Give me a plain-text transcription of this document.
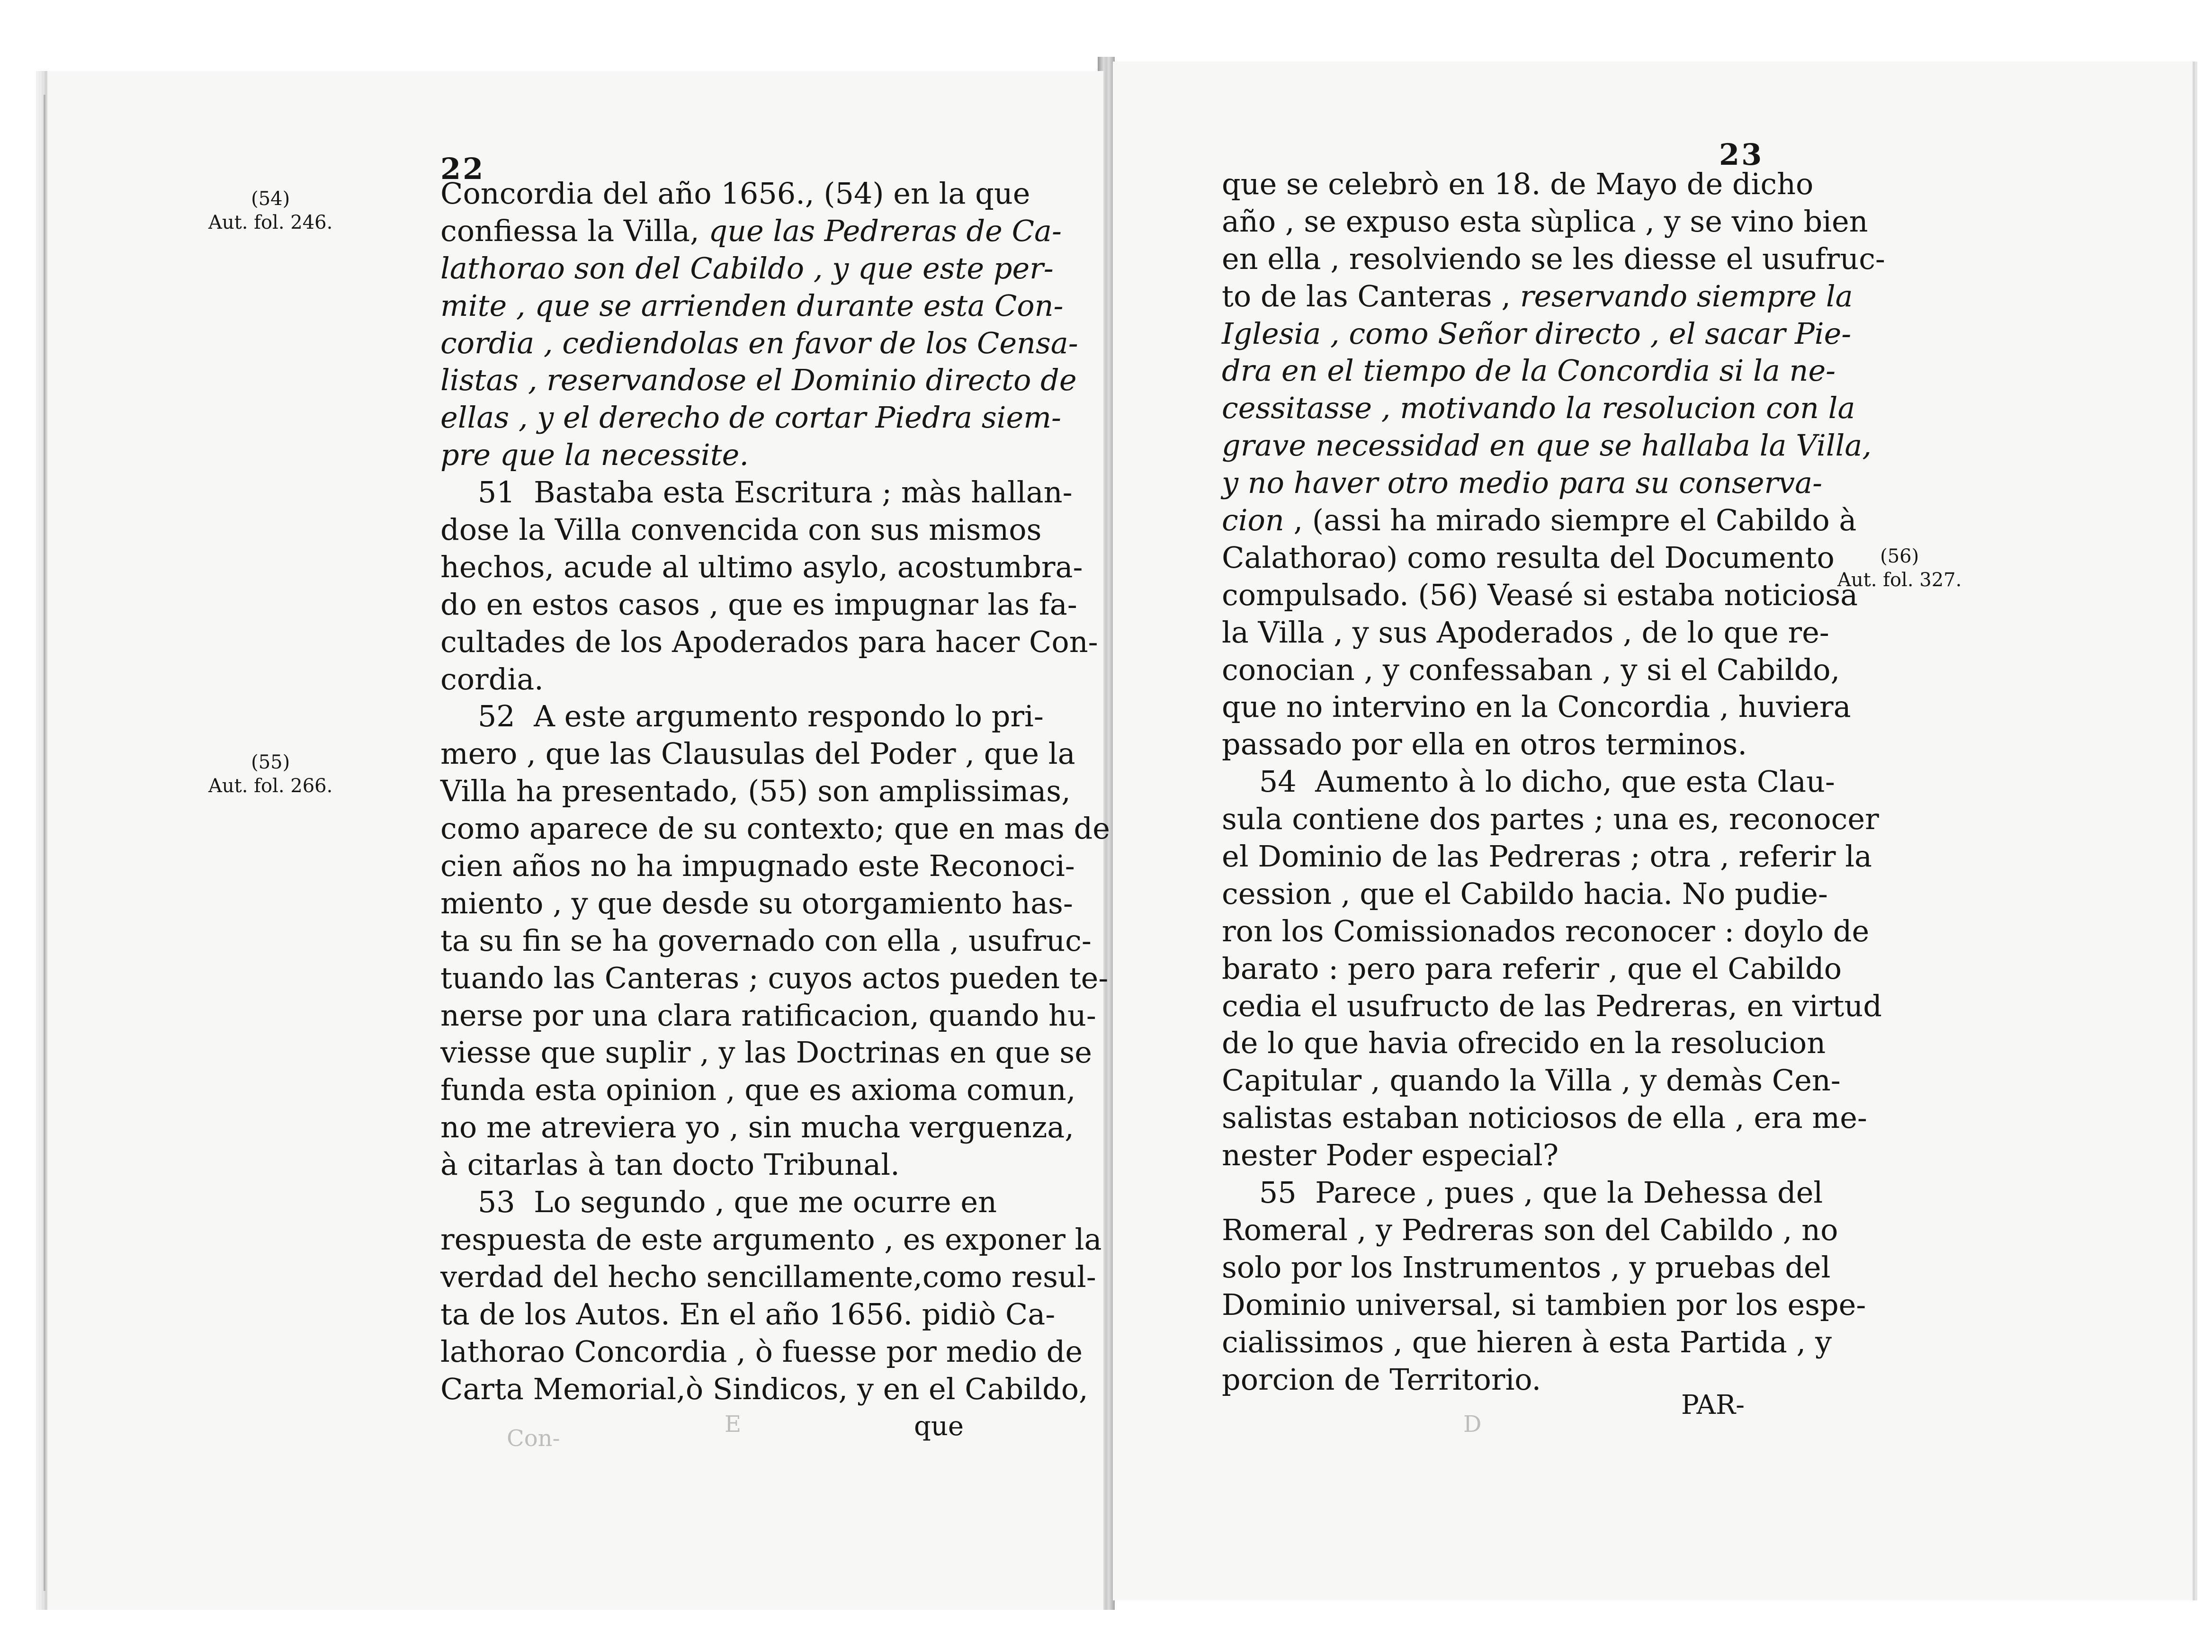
22
(54)
Aut. fol. 246.
(55)
Aut. fol. 266.
Concordia del año 1656., (54) en la que
confiessa la Villa, que las Pedreras de Ca-
lathorao son del Cabildo , y que este per-
mite , que se arrienden durante esta Con-
cordia , cediendolas en favor de los Censa-
listas , reservandose el Dominio directo de
ellas , y el derecho de cortar Piedra siem-
pre que la necessite.
51  Bastaba esta Escritura ; màs hallan-
dose la Villa convencida con sus mismos
hechos, acude al ultimo asylo, acostumbra-
do en estos casos , que es impugnar las fa-
cultades de los Apoderados para hacer Con-
cordia.
52  A este argumento respondo lo pri-
mero , que las Clausulas del Poder , que la
Villa ha presentado, (55) son amplissimas,
como aparece de su contexto; que en mas de
cien años no ha impugnado este Reconoci-
miento , y que desde su otorgamiento has-
ta su fin se ha governado con ella , usufruc-
tuando las Canteras ; cuyos actos pueden te-
nerse por una clara ratificacion, quando hu-
viesse que suplir , y las Doctrinas en que se
funda esta opinion , que es axioma comun,
no me atreviera yo , sin mucha verguenza,
à citarlas à tan docto Tribunal.
53  Lo segundo , que me ocurre en
respuesta de este argumento , es exponer la
verdad del hecho sencillamente,como resul-
ta de los Autos. En el año 1656. pidiò Ca-
lathorao Concordia , ò fuesse por medio de
Carta Memorial,ò Sindicos, y en el Cabildo,
E
Con-	que
23
que se celebrò en 18. de Mayo de dicho
año , se expuso esta sùplica , y se vino bien
en ella , resolviendo se les diesse el usufruc-
to de las Canteras , reservando siempre la
Iglesia , como Señor directo , el sacar Pie-
dra en el tiempo de la Concordia si la ne-
cessitasse , motivando la resolucion con la
grave necessidad en que se hallaba la Villa,
y no haver otro medio para su conserva-
cion , (assi ha mirado siempre el Cabildo à
Calathorao) como resulta del Documento
compulsado. (56) Veasé si estaba noticiosa
la Villa , y sus Apoderados , de lo que re-
conocian , y confessaban , y si el Cabildo,
que no intervino en la Concordia , huviera
passado por ella en otros terminos.
54  Aumento à lo dicho, que esta Clau-
sula contiene dos partes ; una es, reconocer
el Dominio de las Pedreras ; otra , referir la
cession , que el Cabildo hacia. No pudie-
ron los Comissionados reconocer : doylo de
barato : pero para referir , que el Cabildo
cedia el usufructo de las Pedreras, en virtud
de lo que havia ofrecido en la resolucion
Capitular , quando la Villa , y demàs Cen-
salistas estaban noticiosos de ella , era me-
nester Poder especial?
55  Parece , pues , que la Dehessa del
Romeral , y Pedreras son del Cabildo , no
solo por los Instrumentos , y pruebas del
Dominio universal, si tambien por los espe-
cialissimos , que hieren à esta Partida , y
porcion de Territorio.
(56)
Aut. fol. 327.
D
PAR-
